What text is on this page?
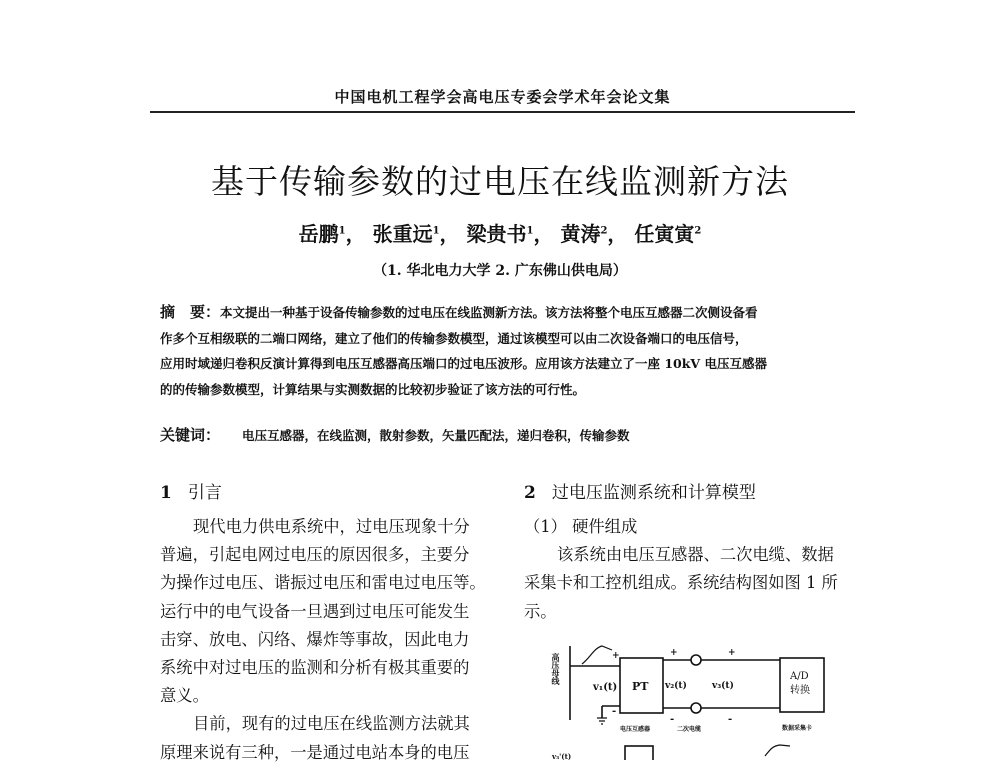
中国电机工程学会高电压专委会学术年会论文集
基于传输参数的过电压在线监测新方法
岳鹏$^1$， 张重远$^1$， 梁贵书$^1$， 黄涛$^2$， 任寅寅$^2$
（1. 华北电力大学 2. 广东佛山供电局）
摘　要：本文提出一种基于设备传输参数的过电压在线监测新方法。该方法将整个电压互感器二次侧设备看
作多个互相级联的二端口网络，建立了他们的传输参数模型，通过该模型可以由二次设备端口的电压信号，
应用时域递归卷积反演计算得到电压互感器高压端口的过电压波形。应用该方法建立了一座 10kV 电压互感器
的的传输参数模型，计算结果与实测数据的比较初步验证了该方法的可行性。
关键词： 电压互感器，在线监测，散射参数，矢量匹配法，递归卷积，传输参数
1 引言	2 过电压监测系统和计算模型
现代电力供电系统中，过电压现象十分
普遍，引起电网过电压的原因很多，主要分
为操作过电压、谐振过电压和雷电过电压等。
运行中的电气设备一旦遇到过电压可能发生
击穿、放电、闪络、爆炸等事故，因此电力
系统中对过电压的监测和分析有极其重要的
意义。
目前，现有的过电压在线监测方法就其
原理来说有三种，一是通过电站本身的电压
（1） 硬件组成
该系统由电压互感器、二次电缆、数据
采集卡和工控机组成。系统结构图如图 1 所
示。
v₁(t) PT v₂(t)	v₃(t)
A/D
转换
+	+	+
-
-	-
电压互感器	二次电缆	数据采集卡
v₃'(t)
高压母线
